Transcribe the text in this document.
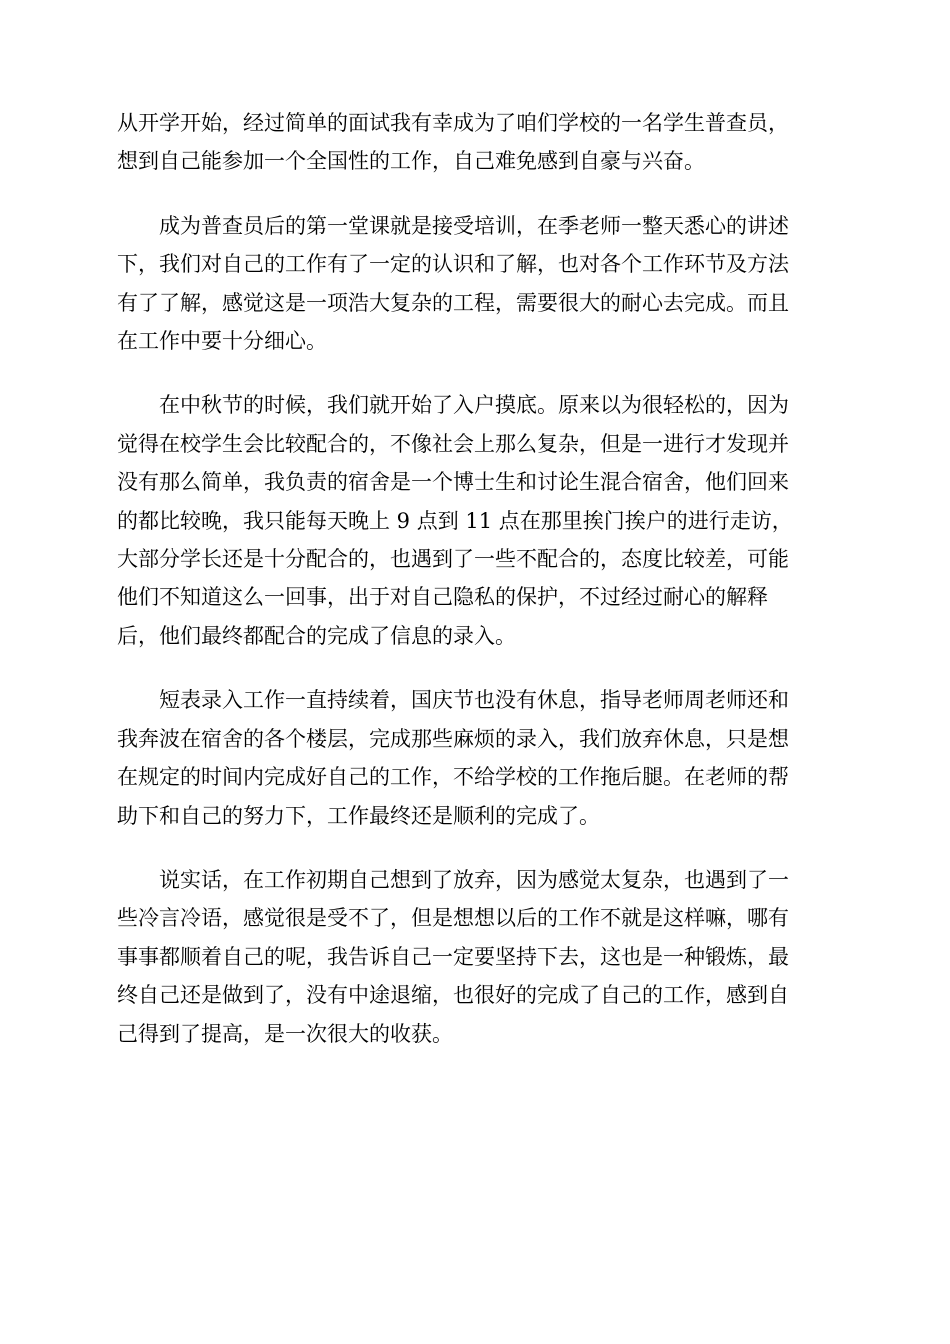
从开学开始，经过简单的面试我有幸成为了咱们学校的一名学生普查员，
想到自己能参加一个全国性的工作，自己难免感到自豪与兴奋。

成为普查员后的第一堂课就是接受培训，在季老师一整天悉心的讲述
下，我们对自己的工作有了一定的认识和了解，也对各个工作环节及方法
有了了解，感觉这是一项浩大复杂的工程，需要很大的耐心去完成。而且
在工作中要十分细心。

在中秋节的时候，我们就开始了入户摸底。原来以为很轻松的，因为
觉得在校学生会比较配合的，不像社会上那么复杂，但是一进行才发现并
没有那么简单，我负责的宿舍是一个博士生和讨论生混合宿舍，他们回来
的都比较晚，我只能每天晚上 9 点到 11 点在那里挨门挨户的进行走访，
大部分学长还是十分配合的，也遇到了一些不配合的，态度比较差，可能
他们不知道这么一回事，出于对自己隐私的保护，不过经过耐心的解释
后，他们最终都配合的完成了信息的录入。

短表录入工作一直持续着，国庆节也没有休息，指导老师周老师还和
我奔波在宿舍的各个楼层，完成那些麻烦的录入，我们放弃休息，只是想
在规定的时间内完成好自己的工作，不给学校的工作拖后腿。在老师的帮
助下和自己的努力下，工作最终还是顺利的完成了。

说实话，在工作初期自己想到了放弃，因为感觉太复杂，也遇到了一
些冷言冷语，感觉很是受不了，但是想想以后的工作不就是这样嘛，哪有
事事都顺着自己的呢，我告诉自己一定要坚持下去，这也是一种锻炼，最
终自己还是做到了，没有中途退缩，也很好的完成了自己的工作，感到自
己得到了提高，是一次很大的收获。
